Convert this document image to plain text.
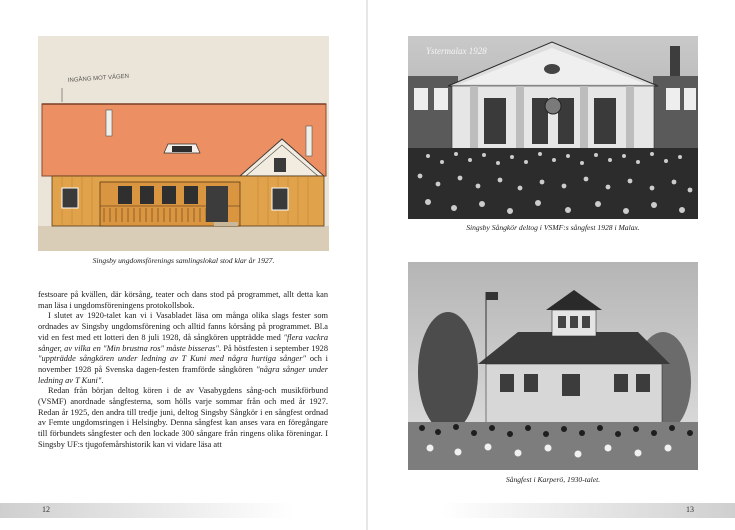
INGÅNG MOT VÄGEN
Singsby ungdomsförenings samlingslokal stod klar år 1927.

festsoare på kvällen, där körsång, teater och dans stod på programmet, allt detta kan man läsa i ungdomsföreningens protokollsbok.

I slutet av 1920-talet kan vi i Vasabladet läsa om många olika slags fester som ordnades av Singsby ungdomsförening och alltid fanns körsång på programmet. Bl.a vid en fest med ett lotteri den 8 juli 1928, då sångkören uppträdde med "flera vackra sånger, av vilka en "Min brustna ros" måste bisseras". På höstfesten i september 1928 "uppträdde sångkören under ledning av T Kuni med några hurtiga sånger" och i november 1928 på Svenska dagen-festen framförde sångkören "några sånger under ledning av T Kuni".

Redan från början deltog kören i de av Vasabygdens sång-och musikförbund (VSMF) anordnade sångfesterna, som hölls varje sommar från och med år 1927. Redan år 1925, den andra till tredje juni, deltog Singsby Sångkör i en sångfest ordnad av Femte ungdomsringen i Helsingby. Denna sångfest kan anses vara en föregångare till förbundets sångfester och den lockade 300 sångare från ringens olika föreningar. I Singsby UF:s tjugofemårshistorik kan vi vidare läsa att

12
Ystermalax 1928
Singsby Sångkör deltog i VSMF:s sångfest 1928 i Malax.
Sångfest i Karperö, 1930-talet.
13
